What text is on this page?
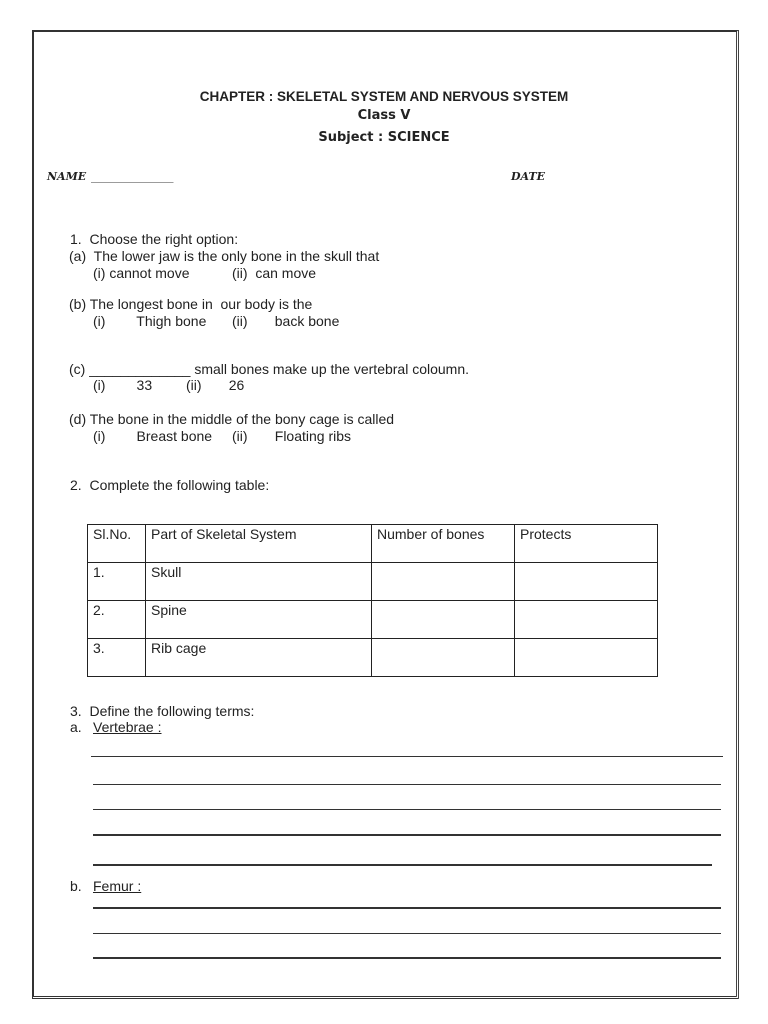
CHAPTER : SKELETAL SYSTEM AND NERVOUS SYSTEM
Class V
Subject : SCIENCE
NAME _______________	DATE
1.  Choose the right option:
(a)  The lower jaw is the only bone in the skull that
(i) cannot move	(ii)  can move
(b) The longest bone in  our body is the
(i)        Thigh bone (ii)       back bone
(c) _____________ small bones make up the vertebral coloumn.
(i)        33 (ii)       26
(d) The bone in the middle of the bony cage is called
(i)        Breast bone (ii)       Floating ribs
2.  Complete the following table:
Sl.No.	Part of Skeletal System	Number of bones	Protects
1.	Skull		
2.	Spine		
3.	Rib cage		
3.  Define the following terms:
a. Vertebrae :
b. Femur :
